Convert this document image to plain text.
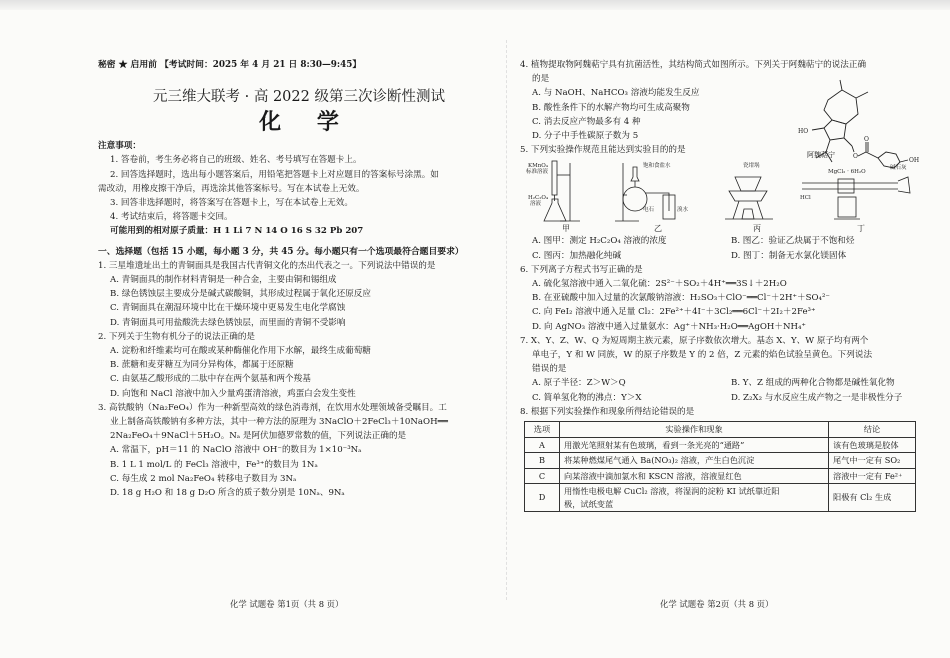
秘密 ★ 启用前 【考试时间：2025 年 4 月 21 日 8:30—9:45】

元三维大联考 · 高 2022 级第三次诊断性测试
化 学

注意事项：

1. 答卷前，考生务必将自己的班级、姓名、考号填写在答题卡上。

2. 回答选择题时，选出每小题答案后，用铅笔把答题卡上对应题目的答案标号涂黑。如

需改动，用橡皮擦干净后，再选涂其他答案标号。写在本试卷上无效。

3. 回答非选择题时，将答案写在答题卡上，写在本试卷上无效。

4. 考试结束后，将答题卡交回。

可能用到的相对原子质量：H 1 Li 7 N 14 O 16 S 32 Pb 207

一、选择题（包括 15 小题，每小题 3 分，共 45 分。每小题只有一个选项最符合题目要求）

1. 三星堆遗址出土的青铜面具是我国古代青铜文化的杰出代表之一。下列说法中错误的是

A. 青铜面具的制作材料青铜是一种合金，主要由铜和锡组成

B. 绿色锈蚀层主要成分是碱式碳酸铜，其形成过程属于氧化还原反应

C. 青铜面具在潮湿环境中比在干燥环境中更易发生电化学腐蚀

D. 青铜面具可用盐酸洗去绿色锈蚀层，而里面的青铜不受影响

2. 下列关于生物有机分子的说法正确的是

A. 淀粉和纤维素均可在酸或某种酶催化作用下水解，最终生成葡萄糖

B. 蔗糖和麦芽糖互为同分异构体，都属于还原糖

C. 由氨基乙酸形成的二肽中存在两个氨基和两个羧基

D. 向饱和 NaCl 溶液中加入少量鸡蛋清溶液，鸡蛋白会发生变性

3. 高铁酸钠（Na₂FeO₄）作为一种新型高效的绿色消毒剂，在饮用水处理领域备受瞩目。工

业上制备高铁酸钠有多种方法，其中一种方法的原理为 3NaClO＋2FeCl₃＋10NaOH══

2Na₂FeO₄＋9NaCl＋5H₂O。Nₐ 是阿伏加德罗常数的值，下列说法正确的是

A. 常温下，pH＝11 的 NaClO 溶液中 OH⁻的数目为 1×10⁻³Nₐ

B. 1 L 1 mol/L 的 FeCl₃ 溶液中，Fe³⁺的数目为 1Nₐ

C. 每生成 2 mol Na₂FeO₄ 转移电子数目为 3Nₐ

D. 18 g H₂O 和 18 g D₂O 所含的质子数分别是 10Nₐ、9Nₐ

化学 试题卷 第1页（共 8 页）

4. 植物提取物阿魏萜宁具有抗菌活性，其结构简式如图所示。下列关于阿魏萜宁的说法正确

的是

A. 与 NaOH、NaHCO₃ 溶液均能发生反应

B. 酸性条件下的水解产物均可生成高聚物

C. 消去反应产物最多有 4 种

D. 分子中手性碳原子数为 5	HO
O
O
OH
阿魏萜宁

5. 下列实验操作规范且能达到实验目的的是

KMnO₄
标准溶液
H₂C₂O₄
溶液
饱和食盐水
电石	溴水
瓷坩埚
MgCl₂ · 6H₂O
HCl
碱石灰
甲	乙	丙	丁

A. 图甲：测定 H₂C₂O₄ 溶液的浓度	B. 图乙：验证乙炔属于不饱和烃

C. 图丙：加热融化纯碱	D. 图丁：制备无水氯化镁固体

6. 下列离子方程式书写正确的是

A. 硫化氢溶液中通入二氧化硫：2S²⁻＋SO₂＋4H⁺══3S↓＋2H₂O

B. 在亚硫酸中加入过量的次氯酸钠溶液：H₂SO₃＋ClO⁻══Cl⁻＋2H⁺＋SO₄²⁻

C. 向 FeI₂ 溶液中通入足量 Cl₂：2Fe²⁺＋4I⁻＋3Cl₂══6Cl⁻＋2I₂＋2Fe³⁺

D. 向 AgNO₃ 溶液中通入过量氨水：Ag⁺＋NH₃·H₂O══AgOH＋NH₄⁺

7. X、Y、Z、W、Q 为短周期主族元素，原子序数依次增大。基态 X、Y、W 原子均有两个

单电子，Y 和 W 同族，W 的原子序数是 Y 的 2 倍，Z 元素的焰色试验呈黄色。下列说法

错误的是

A. 原子半径：Z＞W＞Q	B. Y、Z 组成的两种化合物都是碱性氧化物

C. 简单氢化物的沸点：Y＞X	D. Z₂X₂ 与水反应生成产物之一是非极性分子

8. 根据下列实验操作和现象所得结论错误的是

选项	实验操作和现象	结论
A	用激光笔照射某有色玻璃，看到一条光亮的“通路”	该有色玻璃是胶体
B	将某种燃煤尾气通入 Ba(NO₃)₂ 溶液，产生白色沉淀	尾气中一定有 SO₂
C	向某溶液中滴加氯水和 KSCN 溶液，溶液显红色	溶液中一定有 Fe²⁺
D	用惰性电极电解 CuCl₂ 溶液，将湿润的淀粉 KI 试纸靠近阳
极，试纸变蓝	阳极有 Cl₂ 生成
化学 试题卷 第2页（共 8 页）
